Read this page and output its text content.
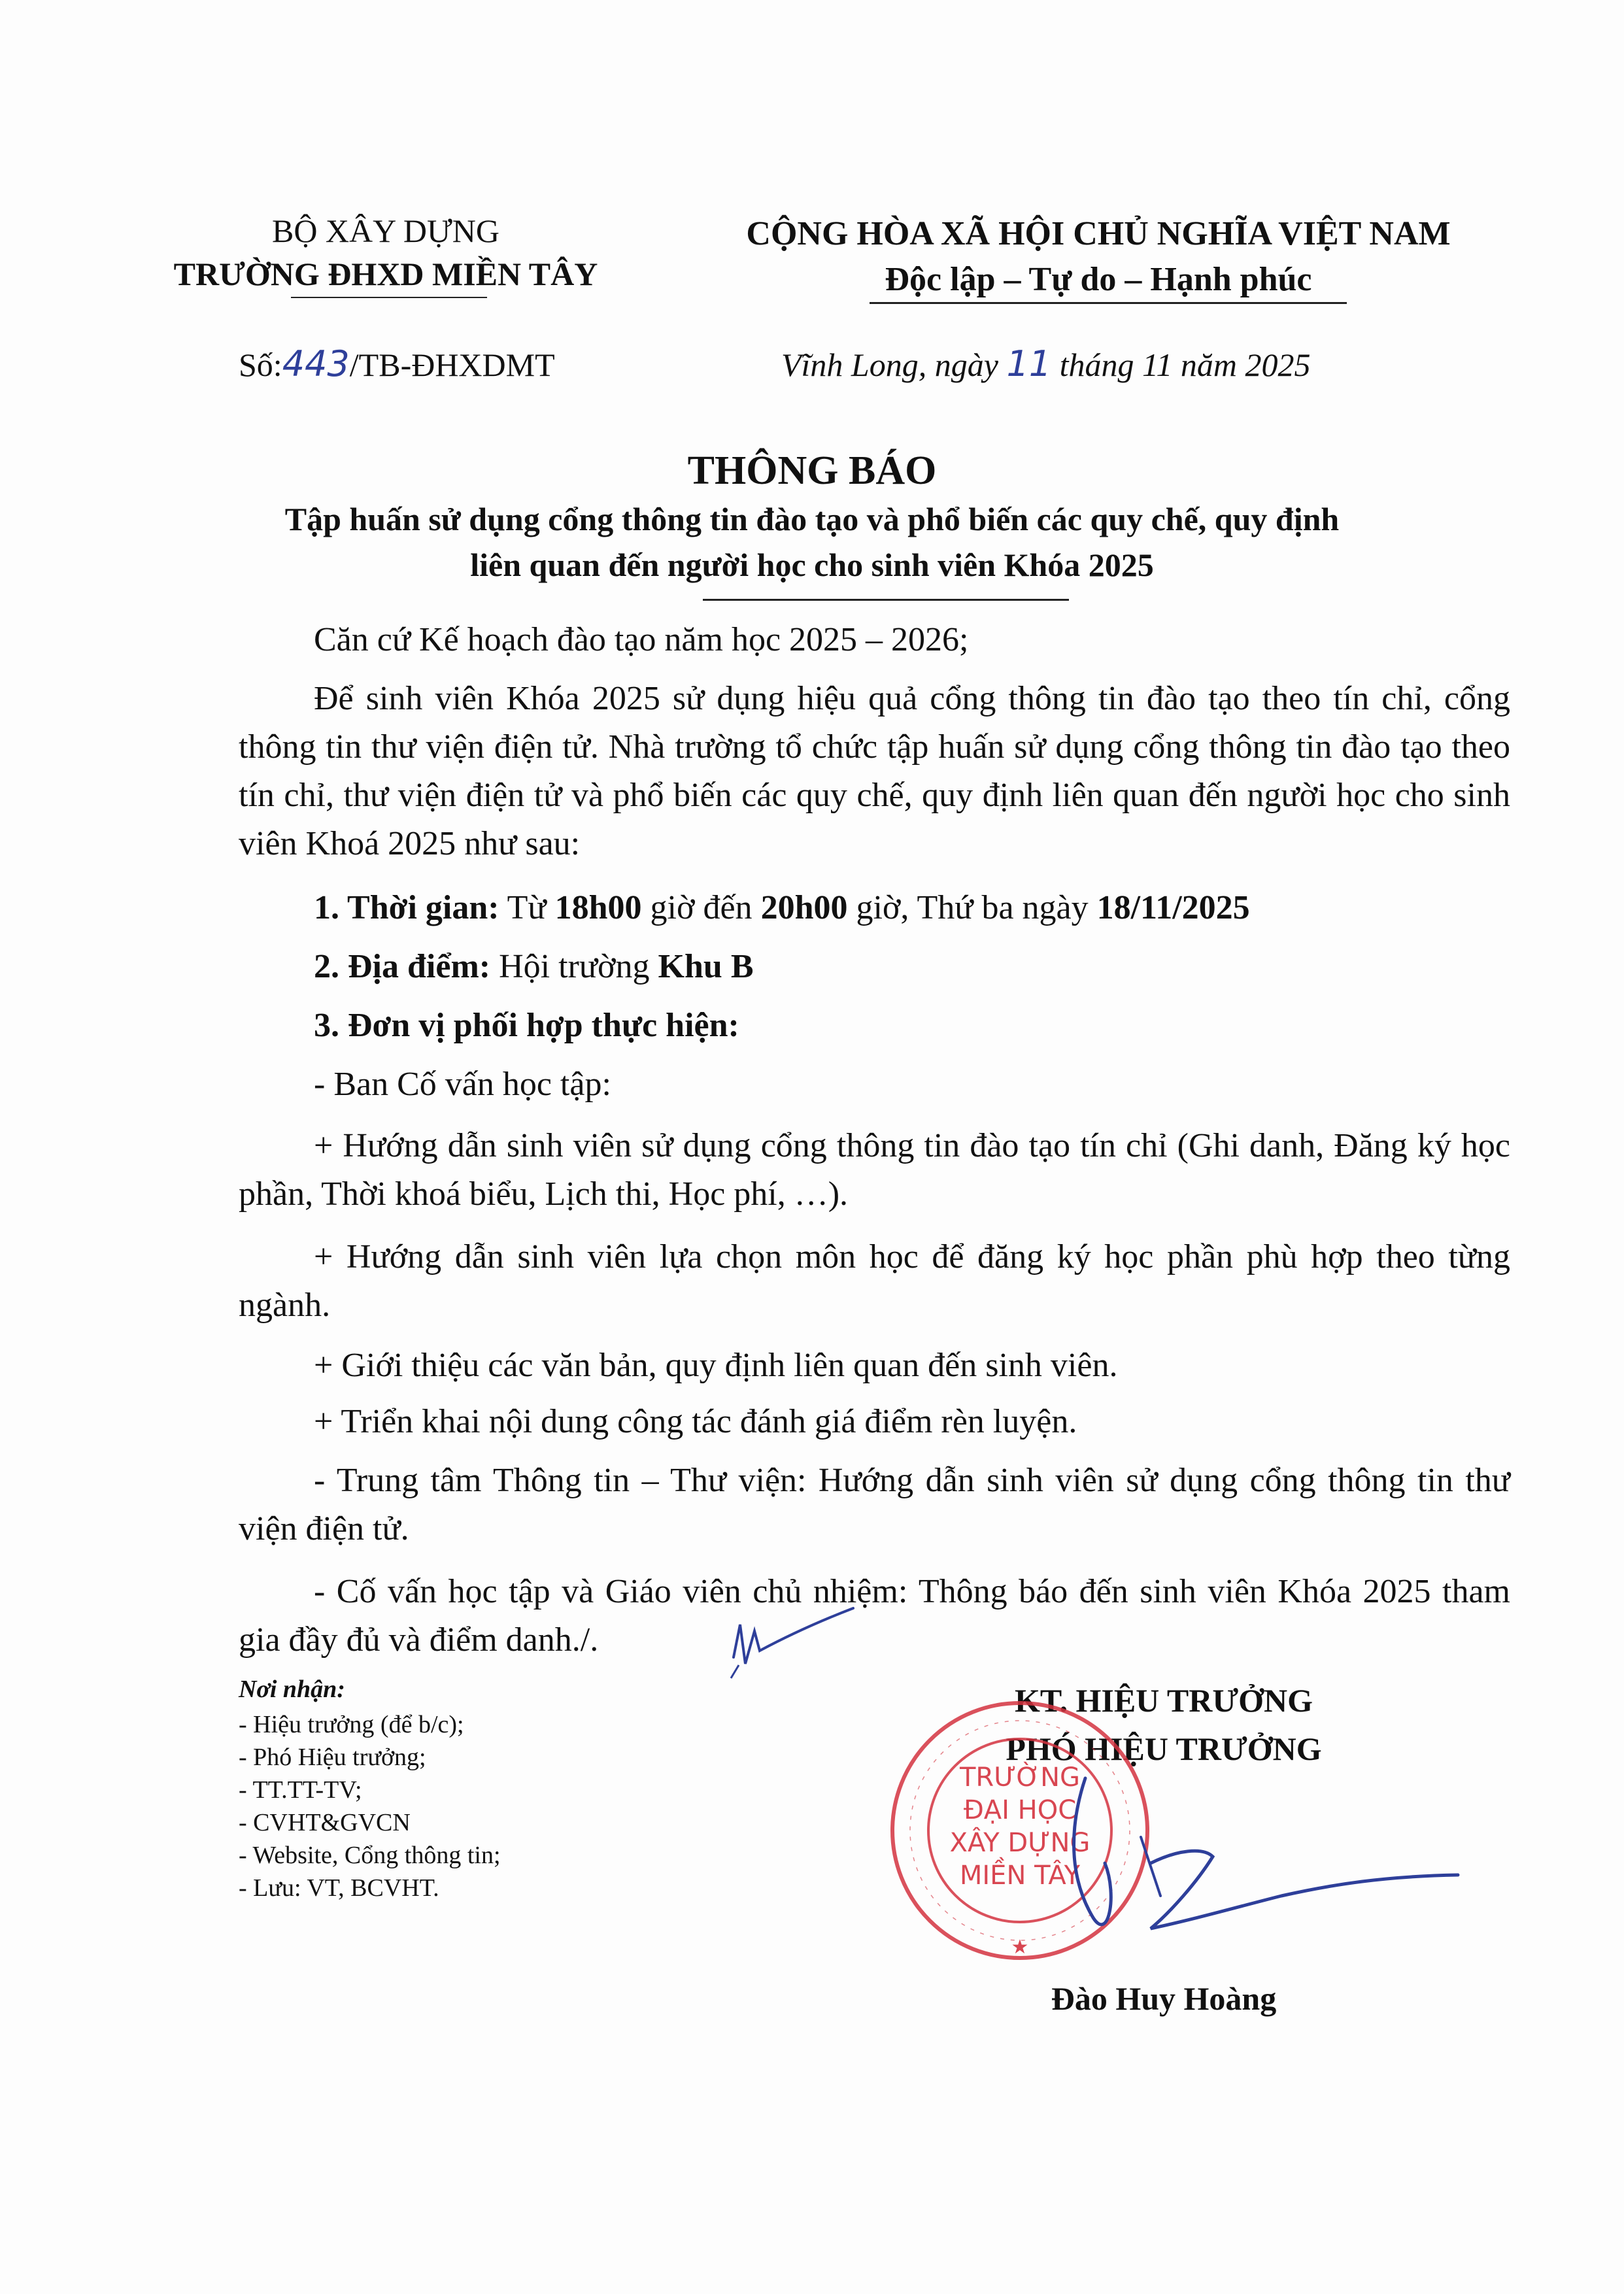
BỘ XÂY DỰNG
TRƯỜNG ĐHXD MIỀN TÂY
CỘNG HÒA XÃ HỘI CHỦ NGHĨA VIỆT NAM
Độc lập – Tự do – Hạnh phúc
Số:443/TB-ĐHXDMT	Vĩnh Long, ngày 11 tháng 11 năm 2025
THÔNG BÁO
Tập huấn sử dụng cổng thông tin đào tạo và phổ biến các quy chế, quy định
liên quan đến người học cho sinh viên Khóa 2025
Căn cứ Kế hoạch đào tạo năm học 2025 – 2026;
Để sinh viên Khóa 2025 sử dụng hiệu quả cổng thông tin đào tạo theo tín chỉ, cổng thông tin thư viện điện tử. Nhà trường tổ chức tập huấn sử dụng cổng thông tin đào tạo theo tín chỉ, thư viện điện tử và phổ biến các quy chế, quy định liên quan đến người học cho sinh viên Khoá 2025 như sau:
1. Thời gian: Từ 18h00 giờ đến 20h00 giờ, Thứ ba ngày 18/11/2025
2. Địa điểm: Hội trường Khu B
3. Đơn vị phối hợp thực hiện:
- Ban Cố vấn học tập:
+ Hướng dẫn sinh viên sử dụng cổng thông tin đào tạo tín chỉ (Ghi danh, Đăng ký học phần, Thời khoá biểu, Lịch thi, Học phí, …).
+ Hướng dẫn sinh viên lựa chọn môn học để đăng ký học phần phù hợp theo từng ngành.
+ Giới thiệu các văn bản, quy định liên quan đến sinh viên.
+ Triển khai nội dung công tác đánh giá điểm rèn luyện.
- Trung tâm Thông tin – Thư viện: Hướng dẫn sinh viên sử dụng cổng thông tin thư viện điện tử.
- Cố vấn học tập và Giáo viên chủ nhiệm: Thông báo đến sinh viên Khóa 2025 tham gia đầy đủ và điểm danh./.
Nơi nhận:
- Hiệu trưởng (để b/c);
- Phó Hiệu trưởng;
- TT.TT-TV;
- CVHT&GVCN
- Website, Cổng thông tin;
- Lưu: VT, BCVHT.
KT. HIỆU TRƯỞNG
PHÓ HIỆU TRƯỞNG
TRƯỜNG
ĐẠI HỌC
XÂY DỰNG
MIỀN TÂY
★
Đào Huy Hoàng
